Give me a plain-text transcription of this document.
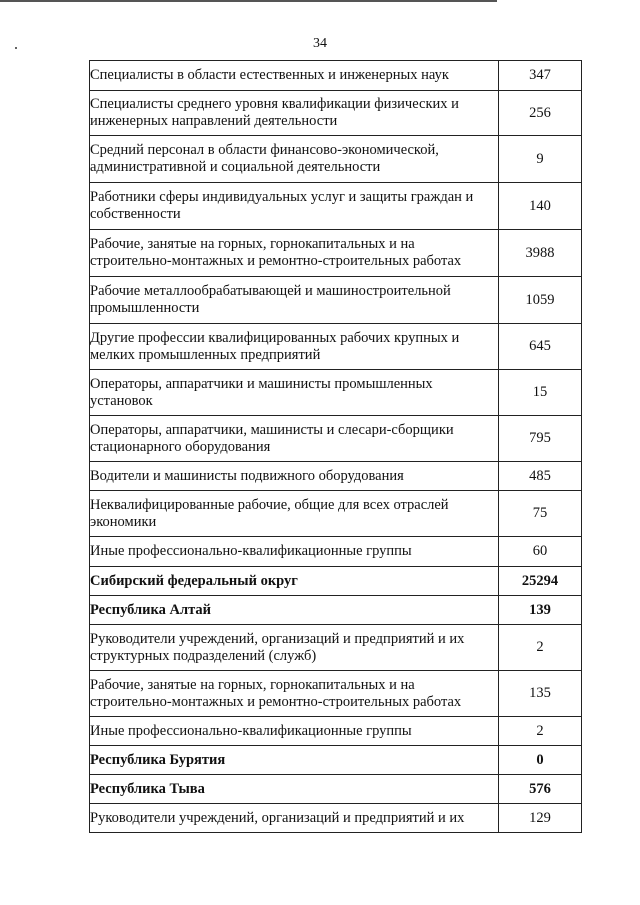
34
Специалисты в области естественных и инженерных наук	347
Специалисты среднего уровня квалификации физических и инженерных направлений деятельности	256
Средний персонал в области финансово-экономической, административной и социальной деятельности	9
Работники сферы индивидуальных услуг и защиты граждан и собственности	140
Рабочие, занятые на горных, горнокапитальных и на строительно-монтажных и ремонтно-строительных работах	3988
Рабочие металлообрабатывающей и машиностроительной промышленности	1059
Другие профессии квалифицированных рабочих крупных и мелких промышленных предприятий	645
Операторы, аппаратчики и машинисты промышленных установок	15
Операторы, аппаратчики, машинисты и слесари-сборщики стационарного оборудования	795
Водители и машинисты подвижного оборудования	485
Неквалифицированные рабочие, общие для всех отраслей экономики	75
Иные профессионально-квалификационные группы	60
Сибирский федеральный округ	25294
Республика Алтай	139
Руководители учреждений, организаций и предприятий и их структурных подразделений (служб)	2
Рабочие, занятые на горных, горнокапитальных и на строительно-монтажных и ремонтно-строительных работах	135
Иные профессионально-квалификационные группы	2
Республика Бурятия	0
Республика Тыва	576
Руководители учреждений, организаций и предприятий и их	129
